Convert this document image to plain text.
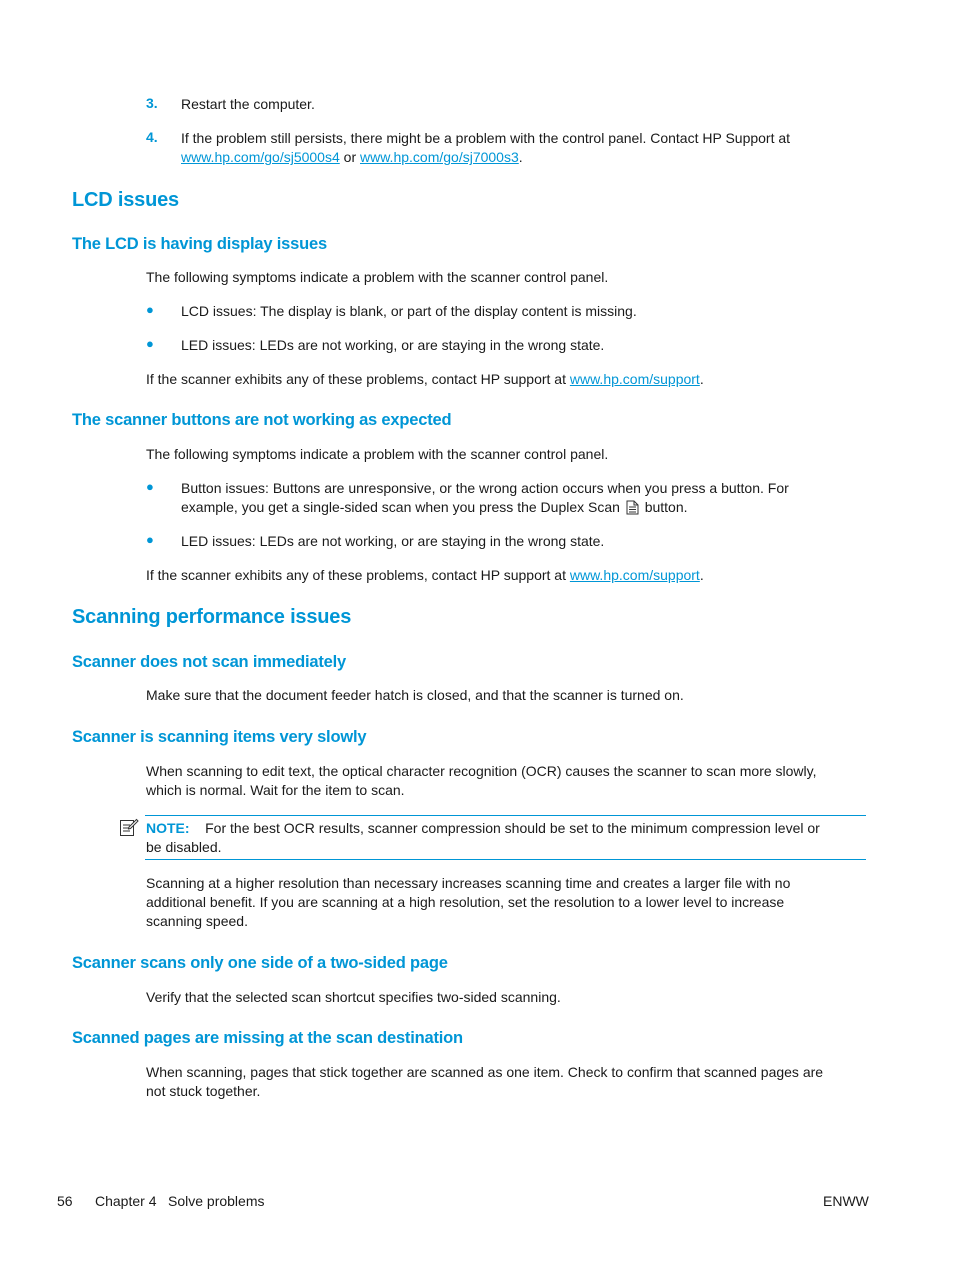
3. Restart the computer.
4. If the problem still persists, there might be a problem with the control panel. Contact HP Support at
www.hp.com/go/sj5000s4 or www.hp.com/go/sj7000s3.
LCD issues
The LCD is having display issues
The following symptoms indicate a problem with the scanner control panel.
● LCD issues: The display is blank, or part of the display content is missing.
● LED issues: LEDs are not working, or are staying in the wrong state.
If the scanner exhibits any of these problems, contact HP support at www.hp.com/support.
The scanner buttons are not working as expected
The following symptoms indicate a problem with the scanner control panel.
● Button issues: Buttons are unresponsive, or the wrong action occurs when you press a button. For
example, you get a single-sided scan when you press the Duplex Scan button.
● LED issues: LEDs are not working, or are staying in the wrong state.
If the scanner exhibits any of these problems, contact HP support at www.hp.com/support.
Scanning performance issues
Scanner does not scan immediately
Make sure that the document feeder hatch is closed, and that the scanner is turned on.
Scanner is scanning items very slowly
When scanning to edit text, the optical character recognition (OCR) causes the scanner to scan more slowly,
which is normal. Wait for the item to scan.
NOTE: For the best OCR results, scanner compression should be set to the minimum compression level or
be disabled.
Scanning at a higher resolution than necessary increases scanning time and creates a larger file with no
additional benefit. If you are scanning at a high resolution, set the resolution to a lower level to increase
scanning speed.
Scanner scans only one side of a two-sided page
Verify that the selected scan shortcut specifies two-sided scanning.
Scanned pages are missing at the scan destination
When scanning, pages that stick together are scanned as one item. Check to confirm that scanned pages are
not stuck together.
56 Chapter 4 Solve problems	ENWW
